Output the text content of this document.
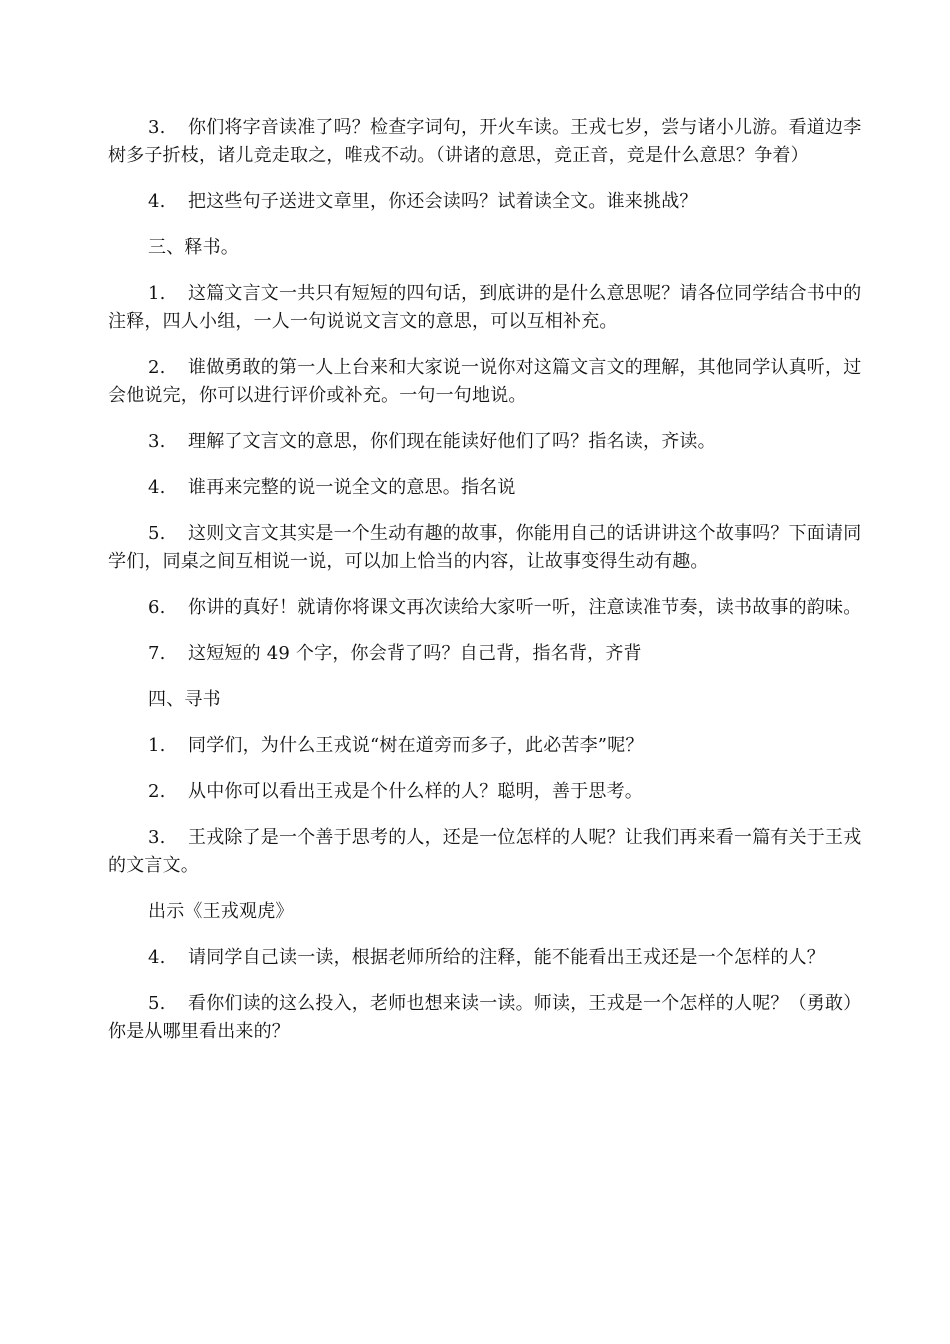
3. 你们将字音读准了吗？检查字词句，开火车读。王戎七岁，尝与诸小儿游。看道边李树多子折枝，诸儿竞走取之，唯戎不动。（讲诸的意思，竞正音，竞是什么意思？争着）

4. 把这些句子送进文章里，你还会读吗？试着读全文。谁来挑战？

三、释书。

1. 这篇文言文一共只有短短的四句话，到底讲的是什么意思呢？请各位同学结合书中的注释，四人小组，一人一句说说文言文的意思，可以互相补充。

2. 谁做勇敢的第一人上台来和大家说一说你对这篇文言文的理解，其他同学认真听，过会他说完，你可以进行评价或补充。一句一句地说。

3. 理解了文言文的意思，你们现在能读好他们了吗？指名读，齐读。

4. 谁再来完整的说一说全文的意思。指名说

5. 这则文言文其实是一个生动有趣的故事，你能用自己的话讲讲这个故事吗？下面请同学们，同桌之间互相说一说，可以加上恰当的内容，让故事变得生动有趣。

6. 你讲的真好！就请你将课文再次读给大家听一听，注意读准节奏，读书故事的韵味。

7. 这短短的 49 个字，你会背了吗？自己背，指名背，齐背

四、寻书

1. 同学们，为什么王戎说“树在道旁而多子，此必苦李”呢？

2. 从中你可以看出王戎是个什么样的人？聪明，善于思考。

3. 王戎除了是一个善于思考的人，还是一位怎样的人呢？让我们再来看一篇有关于王戎的文言文。

出示《王戎观虎》

4. 请同学自己读一读，根据老师所给的注释，能不能看出王戎还是一个怎样的人？

5. 看你们读的这么投入，老师也想来读一读。师读，王戎是一个怎样的人呢？（勇敢）你是从哪里看出来的？
